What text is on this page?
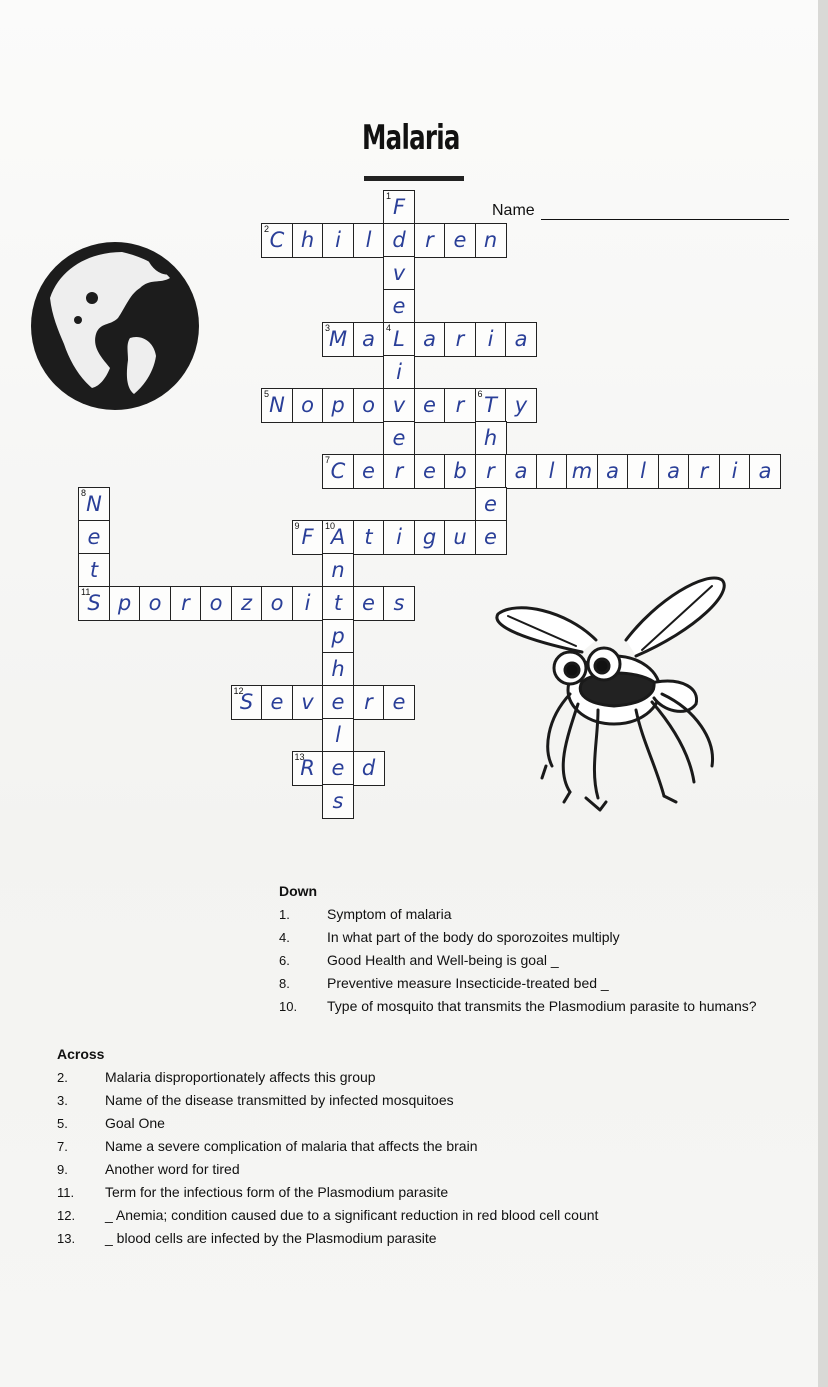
Malaria
Name
1 F
2 C h i	l d r e n
v
e
3
M a	4 L a r	i	a
i
5 N o p o v e r	6 T y
e	h
7 C e r e b r a	l m a	l	a r	i	a
8 N	e
e	9 F	10
A t	i g u e
t	n
11
S p o r o z o	i	t e s
p
h
12
S e v e r e
l
13
R e d
s
Down
1.	Symptom of malaria
4.	In what part of the body do sporozoites multiply
6.	Good Health and Well-being is goal _
8.	Preventive measure Insecticide-treated bed _
10. Type of mosquito that transmits the Plasmodium parasite to humans?
Across
2.	Malaria disproportionately affects this group
3.	Name of the disease transmitted by infected mosquitoes
5.	Goal One
7.	Name a severe complication of malaria that affects the brain
9.	Another word for tired
11. Term for the infectious form of the Plasmodium parasite
12. _ Anemia; condition caused due to a significant reduction in red blood cell count
13. _ blood cells are infected by the Plasmodium parasite
